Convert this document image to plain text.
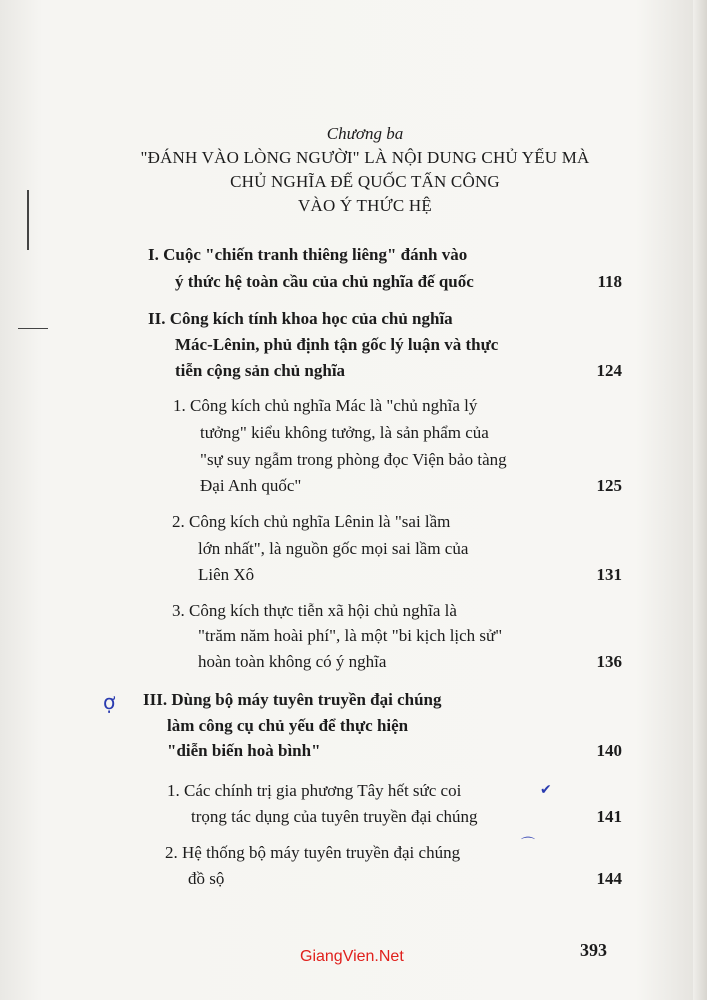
Chương ba
"ĐÁNH VÀO LÒNG NGƯỜI" LÀ NỘI DUNG CHỦ YẾU MÀ
CHỦ NGHĨA ĐẾ QUỐC TẤN CÔNG
VÀO Ý THỨC HỆ
I. Cuộc "chiến tranh thiêng liêng" đánh vào
ý thức hệ toàn cầu của chủ nghĩa đế quốc	118
II. Công kích tính khoa học của chủ nghĩa
Mác-Lênin, phủ định tận gốc lý luận và thực
tiễn cộng sản chủ nghĩa	124
1. Công kích chủ nghĩa Mác là "chủ nghĩa lý
tưởng" kiểu không tưởng, là sản phẩm của
"sự suy ngẫm trong phòng đọc Viện bảo tàng
Đại Anh quốc"	125
2. Công kích chủ nghĩa Lênin là "sai lầm
lớn nhất", là nguồn gốc mọi sai lầm của
Liên Xô	131
3. Công kích thực tiễn xã hội chủ nghĩa là
"trăm năm hoài phí", là một "bi kịch lịch sử"
hoàn toàn không có ý nghĩa	136
ợ III. Dùng bộ máy tuyên truyền đại chúng
làm công cụ chủ yếu để thực hiện
"diễn biến hoà bình"	140
✔
1. Các chính trị gia phương Tây hết sức coi
trọng tác dụng của tuyên truyền đại chúng	141
⌒
2. Hệ thống bộ máy tuyên truyền đại chúng
đồ sộ	144
393
GiangVien.Net
